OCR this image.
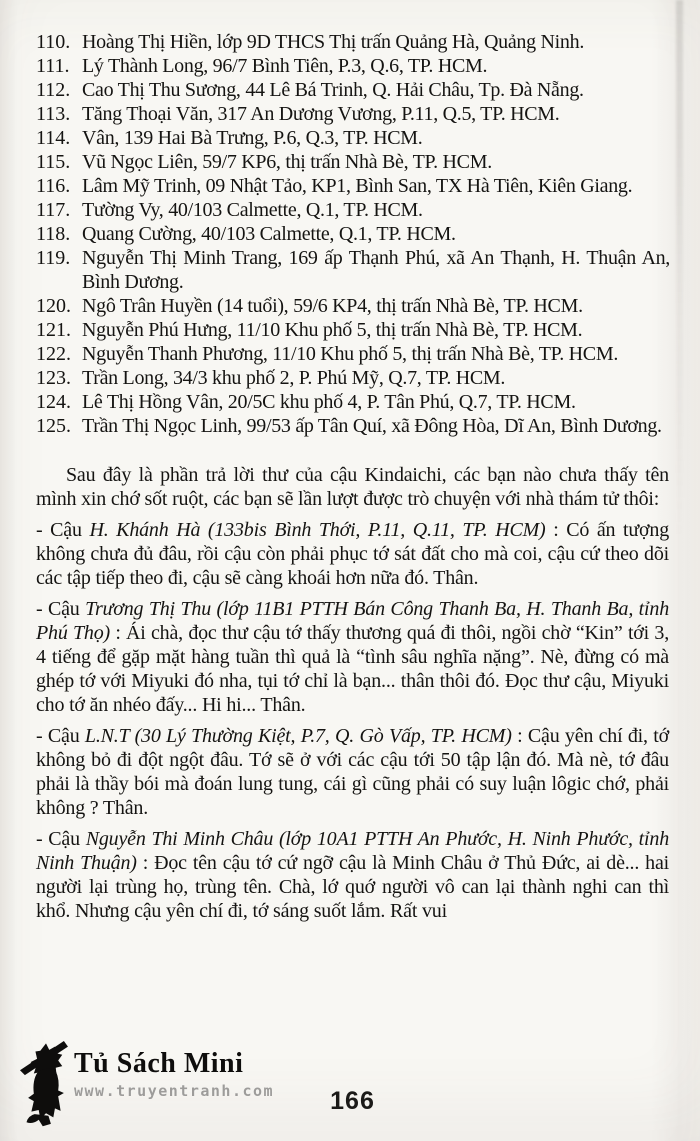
110. Hoàng Thị Hiền, lớp 9D THCS Thị trấn Quảng Hà, Quảng Ninh.
111. Lý Thành Long, 96/7 Bình Tiên, P.3, Q.6, TP. HCM.
112. Cao Thị Thu Sương, 44 Lê Bá Trinh, Q. Hải Châu, Tp. Đà Nẵng.
113. Tăng Thoại Văn, 317 An Dương Vương, P.11, Q.5, TP. HCM.
114. Vân, 139 Hai Bà Trưng, P.6, Q.3, TP. HCM.
115. Vũ Ngọc Liên, 59/7 KP6, thị trấn Nhà Bè, TP. HCM.
116. Lâm Mỹ Trinh, 09 Nhật Tảo, KP1, Bình San, TX Hà Tiên, Kiên Giang.
117. Tường Vy, 40/103 Calmette, Q.1, TP. HCM.
118. Quang Cường, 40/103 Calmette, Q.1, TP. HCM.
119. Nguyễn Thị Minh Trang, 169 ấp Thạnh Phú, xã An Thạnh, H. Thuận An, Bình Dương.
120. Ngô Trân Huyền (14 tuổi), 59/6 KP4, thị trấn Nhà Bè, TP. HCM.
121. Nguyễn Phú Hưng, 11/10 Khu phố 5, thị trấn Nhà Bè, TP. HCM.
122. Nguyễn Thanh Phương, 11/10 Khu phố 5, thị trấn Nhà Bè, TP. HCM.
123. Trần Long, 34/3 khu phố 2, P. Phú Mỹ, Q.7, TP. HCM.
124. Lê Thị Hồng Vân, 20/5C khu phố 4, P. Tân Phú, Q.7, TP. HCM.
125. Trần Thị Ngọc Linh, 99/53 ấp Tân Quí, xã Đông Hòa, Dĩ An, Bình Dương.

Sau đây là phần trả lời thư của cậu Kindaichi, các bạn nào chưa thấy tên mình xin chớ sốt ruột, các bạn sẽ lần lượt được trò chuyện với nhà thám tử thôi:

- Cậu H. Khánh Hà (133bis Bình Thới, P.11, Q.11, TP. HCM) : Có ấn tượng không chưa đủ đâu, rồi cậu còn phải phục tớ sát đất cho mà coi, cậu cứ theo dõi các tập tiếp theo đi, cậu sẽ càng khoái hơn nữa đó. Thân.

- Cậu Trương Thị Thu (lớp 11B1 PTTH Bán Công Thanh Ba, H. Thanh Ba, tỉnh Phú Thọ) : Ái chà, đọc thư cậu tớ thấy thương quá đi thôi, ngồi chờ “Kin” tới 3, 4 tiếng để gặp mặt hàng tuần thì quả là “tình sâu nghĩa nặng”. Nè, đừng có mà ghép tớ với Miyuki đó nha, tụi tớ chỉ là bạn... thân thôi đó. Đọc thư cậu, Miyuki cho tớ ăn nhéo đấy... Hi hi... Thân.

- Cậu L.N.T (30 Lý Thường Kiệt, P.7, Q. Gò Vấp, TP. HCM) : Cậu yên chí đi, tớ không bỏ đi đột ngột đâu. Tớ sẽ ở với các cậu tới 50 tập lận đó. Mà nè, tớ đâu phải là thầy bói mà đoán lung tung, cái gì cũng phải có suy luận lôgic chớ, phải không ? Thân.

- Cậu Nguyễn Thi Minh Châu (lớp 10A1 PTTH An Phước, H. Ninh Phước, tỉnh Ninh Thuận) : Đọc tên cậu tớ cứ ngỡ cậu là Minh Châu ở Thủ Đức, ai dè... hai người lại trùng họ, trùng tên. Chà, lớ quớ người vô can lại thành nghi can thì khổ. Nhưng cậu yên chí đi, tớ sáng suốt lắm. Rất vui

Tủ Sách Mini
www.truyentranh.com	166
